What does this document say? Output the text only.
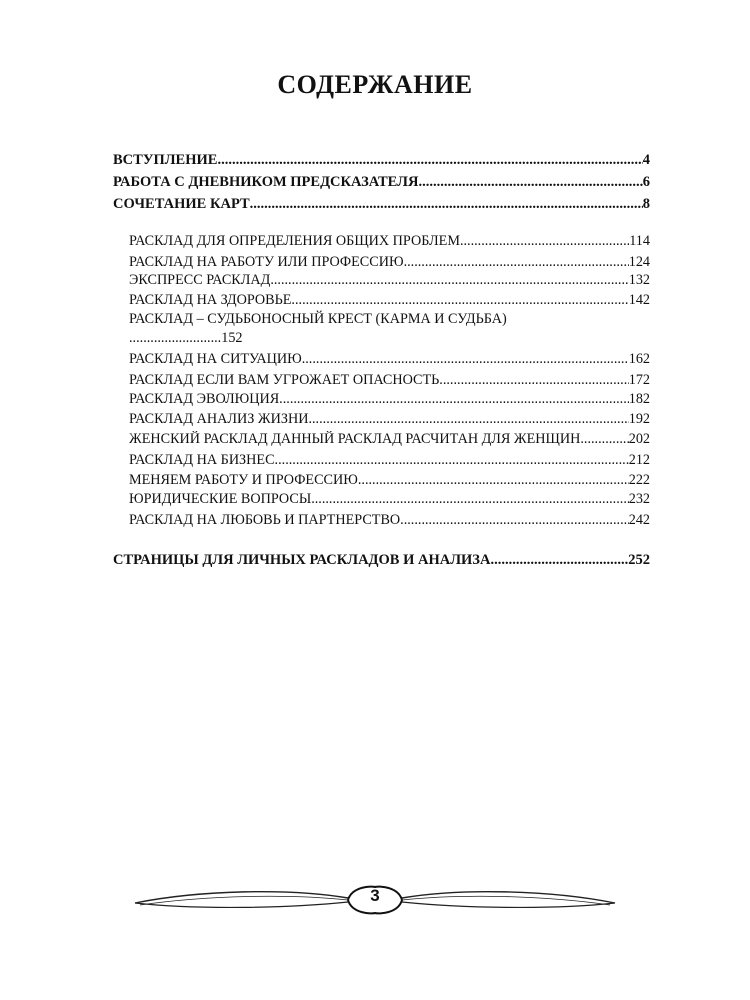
СОДЕРЖАНИЕ
ВСТУПЛЕНИЕ .....	4
РАБОТА С ДНЕВНИКОМ ПРЕДСКАЗАТЕЛЯ .....	6
СОЧЕТАНИЕ КАРТ .....	8
РАСКЛАД ДЛЯ ОПРЕДЕЛЕНИЯ ОБЩИХ ПРОБЛЕМ .....	114
РАСКЛАД НА РАБОТУ ИЛИ ПРОФЕССИЮ .....	124
ЭКСПРЕСС РАСКЛАД .....	132
РАСКЛАД НА ЗДОРОВЬЕ .....	142
РАСКЛАД – СУДЬБОНОСНЫЙ КРЕСТ (КАРМА И СУДЬБА)
..........................152
РАСКЛАД НА СИТУАЦИЮ .....	162
РАСКЛАД ЕСЛИ ВАМ УГРОЖАЕТ ОПАСНОСТЬ .....	172
РАСКЛАД ЭВОЛЮЦИЯ .....	182
РАСКЛАД АНАЛИЗ ЖИЗНИ .....	192
ЖЕНСКИЙ РАСКЛАД ДАННЫЙ РАСКЛАД РАСЧИТАН ДЛЯ ЖЕНЩИН .....	202
РАСКЛАД НА БИЗНЕС .....	212
МЕНЯЕМ РАБОТУ И ПРОФЕССИЮ .....	222
ЮРИДИЧЕСКИЕ ВОПРОСЫ .....	232
РАСКЛАД НА ЛЮБОВЬ И ПАРТНЕРСТВО .....	242
СТРАНИЦЫ ДЛЯ ЛИЧНЫХ РАСКЛАДОВ И АНАЛИЗА .....	252
3
